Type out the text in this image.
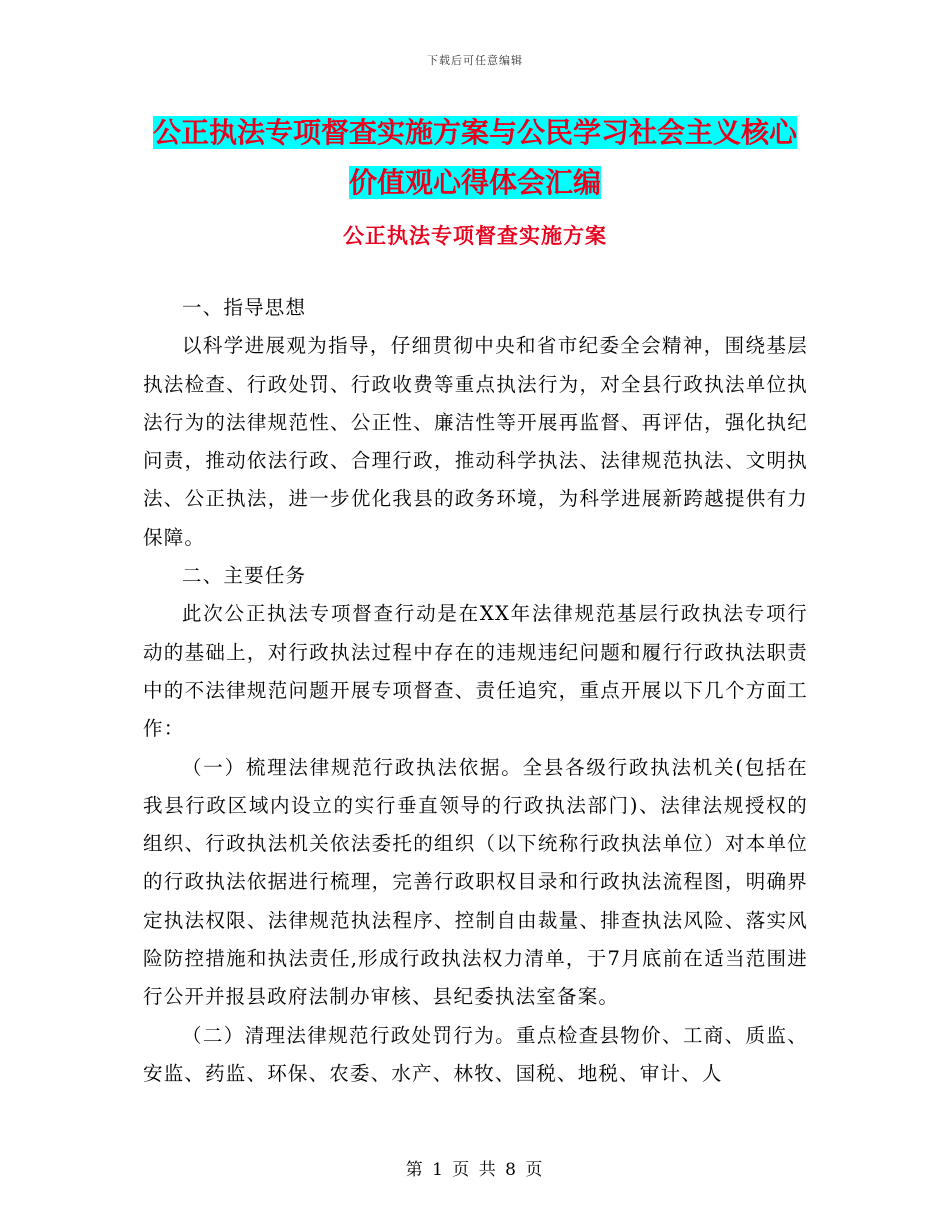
下载后可任意编辑
公正执法专项督查实施方案与公民学习社会主义核心
价值观心得体会汇编
公正执法专项督查实施方案

一、指导思想

以科学进展观为指导，仔细贯彻中央和省市纪委全会精神，围绕基层执法检查、行政处罚、行政收费等重点执法行为，对全县行政执法单位执法行为的法律规范性、公正性、廉洁性等开展再监督、再评估，强化执纪问责，推动依法行政、合理行政，推动科学执法、法律规范执法、文明执法、公正执法，进一步优化我县的政务环境，为科学进展新跨越提供有力保障。

二、主要任务

此次公正执法专项督查行动是在XX年法律规范基层行政执法专项行动的基础上，对行政执法过程中存在的违规违纪问题和履行行政执法职责中的不法律规范问题开展专项督查、责任追究，重点开展以下几个方面工作：

（一）梳理法律规范行政执法依据。全县各级行政执法机关(包括在我县行政区域内设立的实行垂直领导的行政执法部门)、法律法规授权的组织、行政执法机关依法委托的组织（以下统称行政执法单位）对本单位的行政执法依据进行梳理，完善行政职权目录和行政执法流程图，明确界定执法权限、法律规范执法程序、控制自由裁量、排查执法风险、落实风险防控措施和执法责任,形成行政执法权力清单，于7月底前在适当范围进行公开并报县政府法制办审核、县纪委执法室备案。

（二）清理法律规范行政处罚行为。重点检查县物价、工商、质监、安监、药监、环保、农委、水产、林牧、国税、地税、审计、人

第 1 页 共 8 页
